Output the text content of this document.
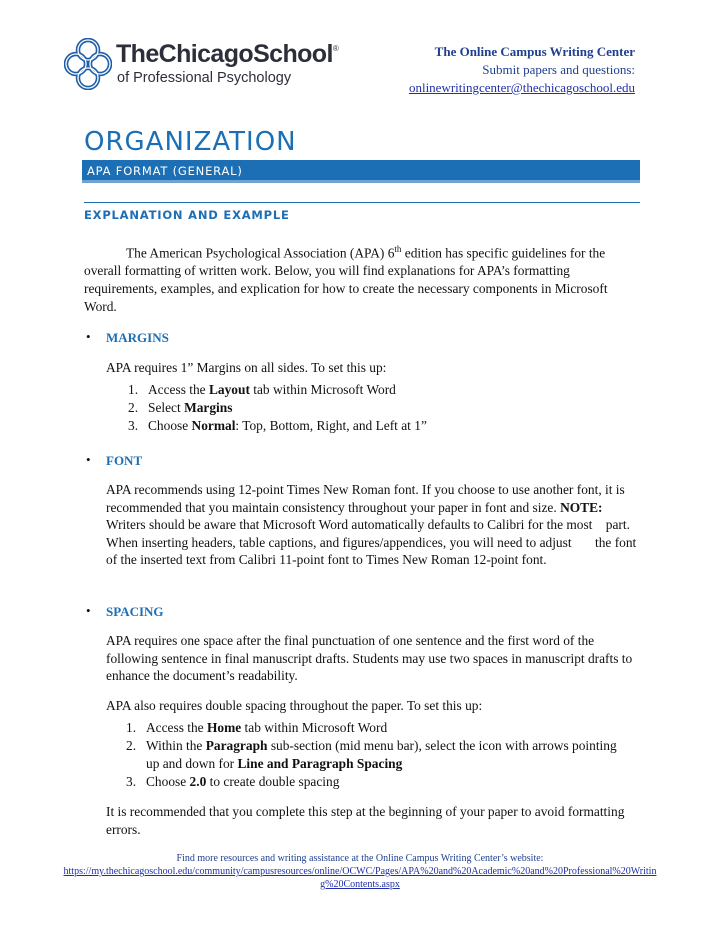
TheChicagoSchool®
of Professional Psychology
The Online Campus Writing Center
Submit papers and questions:
onlinewritingcenter@thechicagoschool.edu
ORGANIZATION
APA FORMAT (GENERAL)
EXPLANATION AND EXAMPLE

The American Psychological Association (APA) 6th edition has specific guidelines for the overall formatting of written work. Below, you will find explanations for APA’s formatting requirements, examples, and explication for how to create the necessary components in Microsoft Word.

• MARGINS

APA requires 1” Margins on all sides. To set this up:

1. Access the Layout tab within Microsoft Word
2. Select Margins
3. Choose Normal: Top, Bottom, Right, and Left at 1”
• FONT

APA recommends using 12-point Times New Roman font. If you choose to use another font, it is recommended that you maintain consistency throughout your paper in font and size. NOTE: Writers should be aware that Microsoft Word automatically defaults to Calibri for the most    part. When inserting headers, table captions, and figures/appendices, you will need to adjust       the font of the inserted text from Calibri 11-point font to Times New Roman 12-point font.

• SPACING

APA requires one space after the final punctuation of one sentence and the first word of the following sentence in final manuscript drafts. Students may use two spaces in manuscript drafts to enhance the document’s readability.

APA also requires double spacing throughout the paper. To set this up:

1. Access the Home tab within Microsoft Word
2. Within the Paragraph sub-section (mid menu bar), select the icon with arrows pointing up and down for Line and Paragraph Spacing
3. Choose 2.0 to create double spacing

It is recommended that you complete this step at the beginning of your paper to avoid formatting errors.

Find more resources and writing assistance at the Online Campus Writing Center’s website:
https://my.thechicagoschool.edu/community/campusresources/online/OCWC/Pages/APA%20and%20Academic%20and%20Professional%20Writing%20Contents.aspx
